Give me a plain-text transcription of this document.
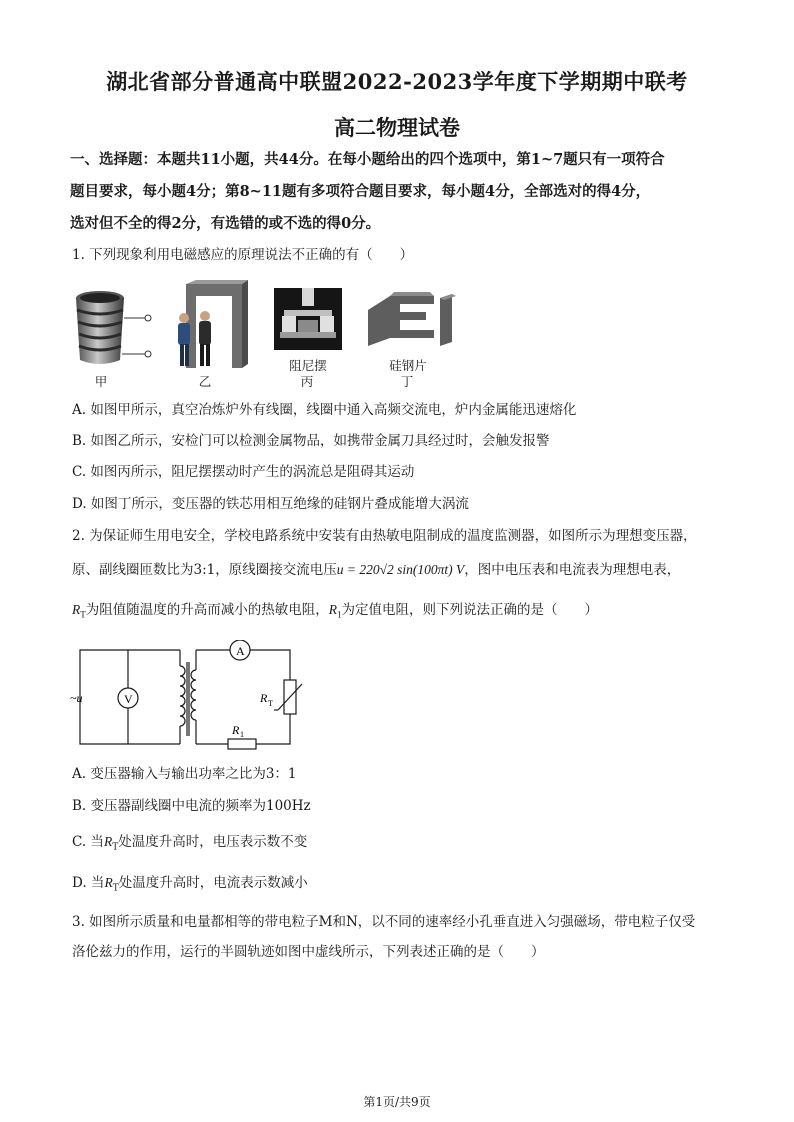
湖北省部分普通高中联盟2022-2023学年度下学期期中联考
高二物理试卷
一、选择题：本题共11小题，共44分。在每小题给出的四个选项中，第1~7题只有一项符合
题目要求，每小题4分；第8~11题有多项符合题目要求，每小题4分，全部选对的得4分，
选对但不全的得2分，有选错的或不选的得0分。
1. 下列现象利用电磁感应的原理说法不正确的有（　　）
甲	乙
阻尼摆
丙
硅钢片
丁
A. 如图甲所示，真空冶炼炉外有线圈，线圈中通入高频交流电，炉内金属能迅速熔化
B. 如图乙所示，安检门可以检测金属物品，如携带金属刀具经过时，会触发报警
C. 如图丙所示，阻尼摆摆动时产生的涡流总是阻碍其运动
D. 如图丁所示，变压器的铁芯用相互绝缘的硅钢片叠成能增大涡流
2. 为保证师生用电安全，学校电路系统中安装有由热敏电阻制成的温度监测器，如图所示为理想变压器，
原、副线圈匝数比为3:1，原线圈接交流电压u = 220√2 sin(100πt) V，图中电压表和电流表为理想电表，
$R_T$为阻值随温度的升高而减小的热敏电阻，$R_1$为定值电阻，则下列说法正确的是（　　）
~u	V
A
R T
R 1
A. 变压器输入与输出功率之比为3：1
B. 变压器副线圈中电流的频率为100Hz
C. 当$R_T$处温度升高时，电压表示数不变
D. 当$R_T$处温度升高时，电流表示数减小
3. 如图所示质量和电量都相等的带电粒子M和N，以不同的速率经小孔垂直进入匀强磁场，带电粒子仅受
洛伦兹力的作用，运行的半圆轨迹如图中虚线所示，下列表述正确的是（　　）
第1页/共9页
